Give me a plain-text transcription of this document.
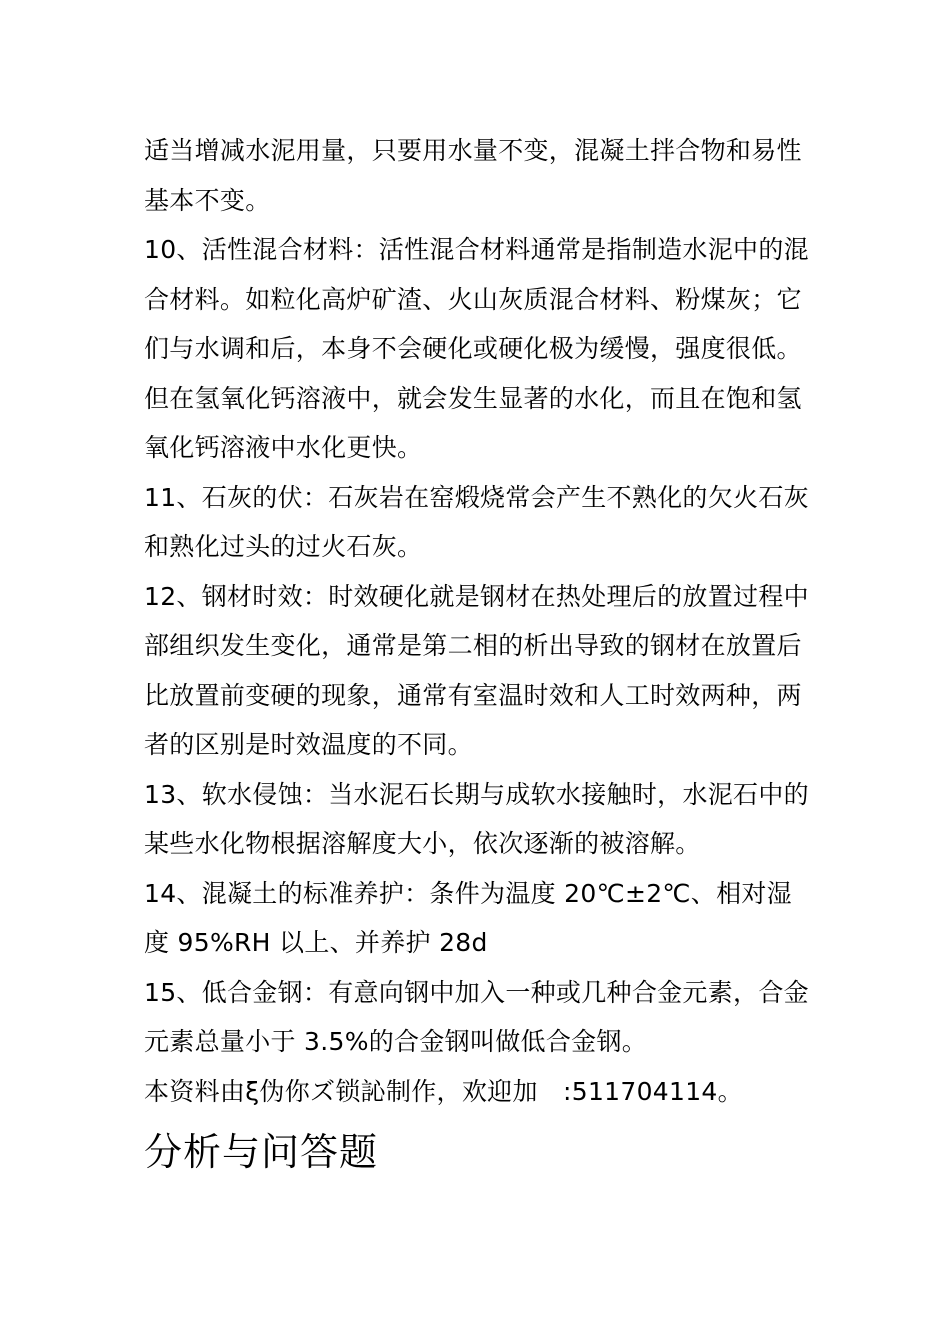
适当增减水泥用量，只要用水量不变，混凝土拌合物和易性基本不变。

10、活性混合材料：活性混合材料通常是指制造水泥中的混合材料。如粒化高炉矿渣、火山灰质混合材料、粉煤灰；它们与水调和后，本身不会硬化或硬化极为缓慢，强度很低。但在氢氧化钙溶液中，就会发生显著的水化，而且在饱和氢氧化钙溶液中水化更快。

11、石灰的伏：石灰岩在窑煅烧常会产生不熟化的欠火石灰和熟化过头的过火石灰。

12、钢材时效：时效硬化就是钢材在热处理后的放置过程中部组织发生变化，通常是第二相的析出导致的钢材在放置后比放置前变硬的现象，通常有室温时效和人工时效两种，两者的区别是时效温度的不同。

13、软水侵蚀：当水泥石长期与成软水接触时，水泥石中的某些水化物根据溶解度大小，依次逐渐的被溶解。

14、混凝土的标准养护：条件为温度 20℃±2℃、相对湿度 95%RH 以上、并养护 28d

15、低合金钢：有意向钢中加入一种或几种合金元素，合金元素总量小于 3.5%的合金钢叫做低合金钢。

本资料由ξ伪你ズ锁訫制作，欢迎加　:511704114。

分析与问答题
